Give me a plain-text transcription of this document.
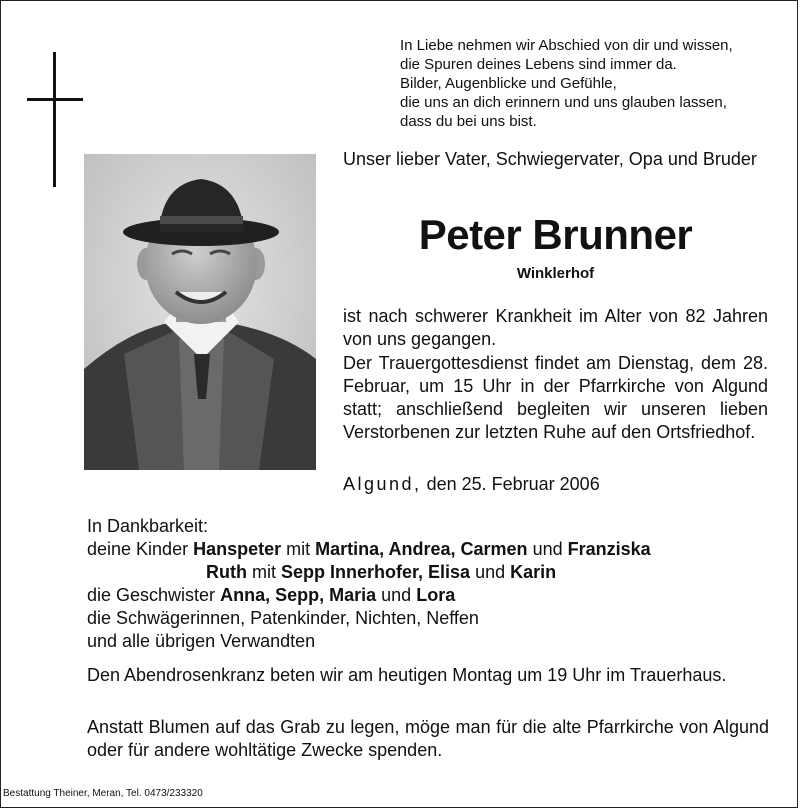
In Liebe nehmen wir Abschied von dir und wissen,
die Spuren deines Lebens sind immer da.
Bilder, Augenblicke und Gefühle,
die uns an dich erinnern und uns glauben lassen,
dass du bei uns bist.
Unser lieber Vater, Schwiegervater, Opa und Bruder
Peter Brunner
Winklerhof
ist nach schwerer Krankheit im Alter von 82 Jahren von uns gegangen.
Der Trauergottesdienst findet am Dienstag, dem 28. Februar, um 15 Uhr in der Pfarrkirche von Algund statt; anschließend begleiten wir unseren lieben Verstorbenen zur letzten Ruhe auf den Ortsfriedhof.
Algund, den 25. Februar 2006
In Dankbarkeit:
deine Kinder Hanspeter mit Martina, Andrea, Carmen und Franziska
Ruth mit Sepp Innerhofer, Elisa und Karin
die Geschwister Anna, Sepp, Maria und Lora
die Schwägerinnen, Patenkinder, Nichten, Neffen
und alle übrigen Verwandten
Den Abendrosenkranz beten wir am heutigen Montag um 19 Uhr im Trauerhaus.
Anstatt Blumen auf das Grab zu legen, möge man für die alte Pfarrkirche von Algund oder für andere wohltätige Zwecke spenden.
Bestattung Theiner, Meran, Tel. 0473/233320
